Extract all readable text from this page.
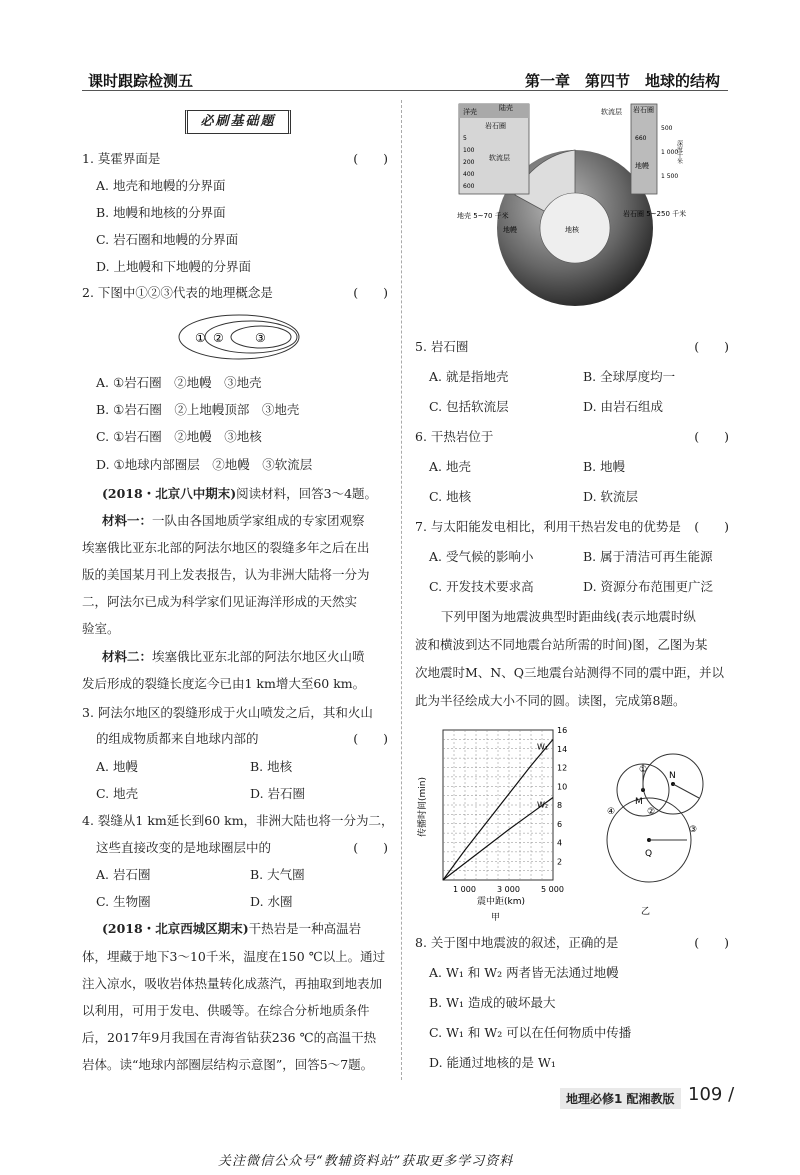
课时跟踪检测五	第一章　第四节　地球的结构
必刷基础题
1. 莫霍界面是	(　　)
A. 地壳和地幔的分界面
B. 地幔和地核的分界面
C. 岩石圈和地幔的分界面
D. 上地幔和下地幔的分界面
2. 下图中①②③代表的地理概念是	(　　)
① ②	③
A. ①岩石圈　②地幔　③地壳
B. ①岩石圈　②上地幔顶部　③地壳
C. ①岩石圈　②地幔　③地核
D. ①地球内部圈层　②地幔　③软流层
(2018・北京八中期末)阅读材料，回答3～4题。
材料一：一队由各国地质学家组成的专家团观察
埃塞俄比亚东北部的阿法尔地区的裂缝多年之后在出
版的美国某月刊上发表报告，认为非洲大陆将一分为
二，阿法尔已成为科学家们见证海洋形成的天然实
验室。
材料二：埃塞俄比亚东北部的阿法尔地区火山喷
发后形成的裂缝长度迄今已由1 km增大至60 km。
3. 阿法尔地区的裂缝形成于火山喷发之后，其和火山
的组成物质都来自地球内部的	(　　)
A. 地幔	B. 地核
C. 地壳	D. 岩石圈
4. 裂缝从1 km延长到60 km，非洲大陆也将一分为二，
这些直接改变的是地球圈层中的	(　　)
A. 岩石圈	B. 大气圈
C. 生物圈	D. 水圈
(2018・北京西城区期末)干热岩是一种高温岩
体，埋藏于地下3～10千米，温度在150 ℃以上。通过
注入凉水，吸收岩体热量转化成蒸汽，再抽取到地表加
以利用，可用于发电、供暖等。在综合分析地质条件
后，2017年9月我国在青海省钻获236 ℃的高温干热
岩体。读“地球内部圈层结构示意图”，回答5～7题。
洋壳	陆壳
岩石圈
软流层
5
100
200
400
600
软流层 岩石圈
660
地幔
500
1 000
1 500
深度千米
地壳 5~70 千米	岩石圈 5~250 千米
地幔	地核
5. 岩石圈	(　　)
A. 就是指地壳	B. 全球厚度均一
C. 包括软流层	D. 由岩石组成
6. 干热岩位于	(　　)
A. 地壳	B. 地幔
C. 地核	D. 软流层
7. 与太阳能发电相比，利用干热岩发电的优势是 (　　)
A. 受气候的影响小	B. 属于清洁可再生能源
C. 开发技术要求高	D. 资源分布范围更广泛
下列甲图为地震波典型时距曲线(表示地震时纵
波和横波到达不同地震台站所需的时间)图，乙图为某
次地震时M、N、Q三地震台站测得不同的震中距，并以
此为半径绘成大小不同的圆。读图，完成第8题。
W₁
W₂
2
4
6
8
10
12
14
16
1 000	3 000	5 000
传播时间(min)
震中距(km)
甲
M
N
Q
①
②
③
④
乙
8. 关于图中地震波的叙述，正确的是	(　　)
A. W₁ 和 W₂ 两者皆无法通过地幔
B. W₁ 造成的破坏最大
C. W₁ 和 W₂ 可以在任何物质中传播
D. 能通过地核的是 W₁
地理必修1 配湘教版 109 /
关注微信公众号“教辅资料站”获取更多学习资料
